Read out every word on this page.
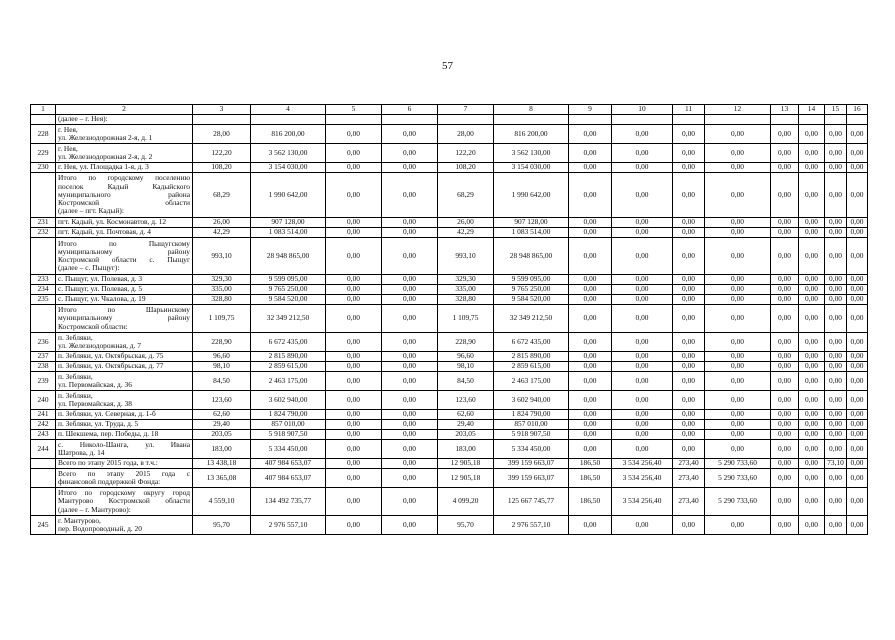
57
1	2	3	4	5	6	7	8	9	10	11	12	13	14	15	16

	(далее – г. Нея):														

228	г. Нея,
ул. Железнодорожная 2-я, д. 1	28,00	816 200,00	0,00	0,00	28,00	816 200,00	0,00	0,00	0,00	0,00	0,00	0,00	0,00	0,00
229	г. Нея,
ул. Железнодорожная 2-я, д. 2	122,20	3 562 130,00	0,00	0,00	122,20	3 562 130,00	0,00	0,00	0,00	0,00	0,00	0,00	0,00	0,00
230	г. Нея, ул. Площадка 1-я, д. 3	108,20	3 154 030,00	0,00	0,00	108,20	3 154 030,00	0,00	0,00	0,00	0,00	0,00	0,00	0,00	0,00

	Итого по городскому поселению
поселок Кадый Кадыйского
муниципального района
Костромской области
(далее – пгт. Кадый):	68,29	1 990 642,00	0,00	0,00	68,29	1 990 642,00	0,00	0,00	0,00	0,00	0,00	0,00	0,00	0,00
231	пгт. Кадый, ул. Космонавтов, д. 12	26,00	907 128,00	0,00	0,00	26,00	907 128,00	0,00	0,00	0,00	0,00	0,00	0,00	0,00	0,00
232	пгт. Кадый, ул. Почтовая, д. 4	42,29	1 083 514,00	0,00	0,00	42,29	1 083 514,00	0,00	0,00	0,00	0,00	0,00	0,00	0,00	0,00

	Итого по Пыщугскому
муниципальному району
Костромской области с. Пыщуг
(далее – с. Пыщуг):	993,10	28 948 865,00	0,00	0,00	993,10	28 948 865,00	0,00	0,00	0,00	0,00	0,00	0,00	0,00	0,00
233	с. Пыщуг, ул. Полевая, д. 3	329,30	9 599 095,00	0,00	0,00	329,30	9 599 095,00	0,00	0,00	0,00	0,00	0,00	0,00	0,00	0,00
234	с. Пыщуг, ул. Полевая, д. 5	335,00	9 765 250,00	0,00	0,00	335,00	9 765 250,00	0,00	0,00	0,00	0,00	0,00	0,00	0,00	0,00
235	с. Пыщуг, ул. Чкалова, д. 19	328,80	9 584 520,00	0,00	0,00	328,80	9 584 520,00	0,00	0,00	0,00	0,00	0,00	0,00	0,00	0,00

	Итого по Шарьинскому
муниципальному району
Костромской области:	1 109,75	32 349 212,50	0,00	0,00	1 109,75	32 349 212,50	0,00	0,00	0,00	0,00	0,00	0,00	0,00	0,00
236	п. Зебляки,
ул. Железнодорожная, д. 7	228,90	6 672 435,00	0,00	0,00	228,90	6 672 435,00	0,00	0,00	0,00	0,00	0,00	0,00	0,00	0,00
237	п. Зебляки, ул. Октябрьская, д. 75	96,60	2 815 890,00	0,00	0,00	96,60	2 815 890,00	0,00	0,00	0,00	0,00	0,00	0,00	0,00	0,00
238	п. Зебляки, ул. Октябрьская, д. 77	98,10	2 859 615,00	0,00	0,00	98,10	2 859 615,00	0,00	0,00	0,00	0,00	0,00	0,00	0,00	0,00
239	п. Зебляки,
ул. Первомайская, д. 36	84,50	2 463 175,00	0,00	0,00	84,50	2 463 175,00	0,00	0,00	0,00	0,00	0,00	0,00	0,00	0,00
240	п. Зебляки,
ул. Первомайская, д. 38	123,60	3 602 940,00	0,00	0,00	123,60	3 602 940,00	0,00	0,00	0,00	0,00	0,00	0,00	0,00	0,00
241	п. Зебляки, ул. Северная, д. 1-б	62,60	1 824 790,00	0,00	0,00	62,60	1 824 790,00	0,00	0,00	0,00	0,00	0,00	0,00	0,00	0,00
242	п. Зебляки, ул. Труда, д. 5	29,40	857 010,00	0,00	0,00	29,40	857 010,00	0,00	0,00	0,00	0,00	0,00	0,00	0,00	0,00
243	п. Шекшема, пер. Победы, д. 18	203,05	5 918 907,50	0,00	0,00	203,05	5 918 907,50	0,00	0,00	0,00	0,00	0,00	0,00	0,00	0,00
244	с. Николо-Шанга, ул. Ивана
Шатрова, д. 14	183,00	5 334 450,00	0,00	0,00	183,00	5 334 450,00	0,00	0,00	0,00	0,00	0,00	0,00	0,00	0,00

	Всего по этапу 2015 года, в т.ч.:	13 438,18	407 984 653,07	0,00	0,00	12 905,18	399 159 663,07	186,50	3 534 256,40	273,40	5 290 733,60	0,00	0,00	73,10	0,00

	Всего по этапу 2015 года с
финансовой поддержкой Фонда:	13 365,08	407 984 653,07	0,00	0,00	12 905,18	399 159 663,07	186,50	3 534 256,40	273,40	5 290 733,60	0,00	0,00	0,00	0,00

	Итого по городскому округу город
Мантурово Костромской области
(далее – г. Мантурово):	4 559,10	134 492 735,77	0,00	0,00	4 099,20	125 667 745,77	186,50	3 534 256,40	273,40	5 290 733,60	0,00	0,00	0,00	0,00
245	г. Мантурово,
пер. Водопроводный, д. 20	95,70	2 976 557,10	0,00	0,00	95,70	2 976 557,10	0,00	0,00	0,00	0,00	0,00	0,00	0,00	0,00
